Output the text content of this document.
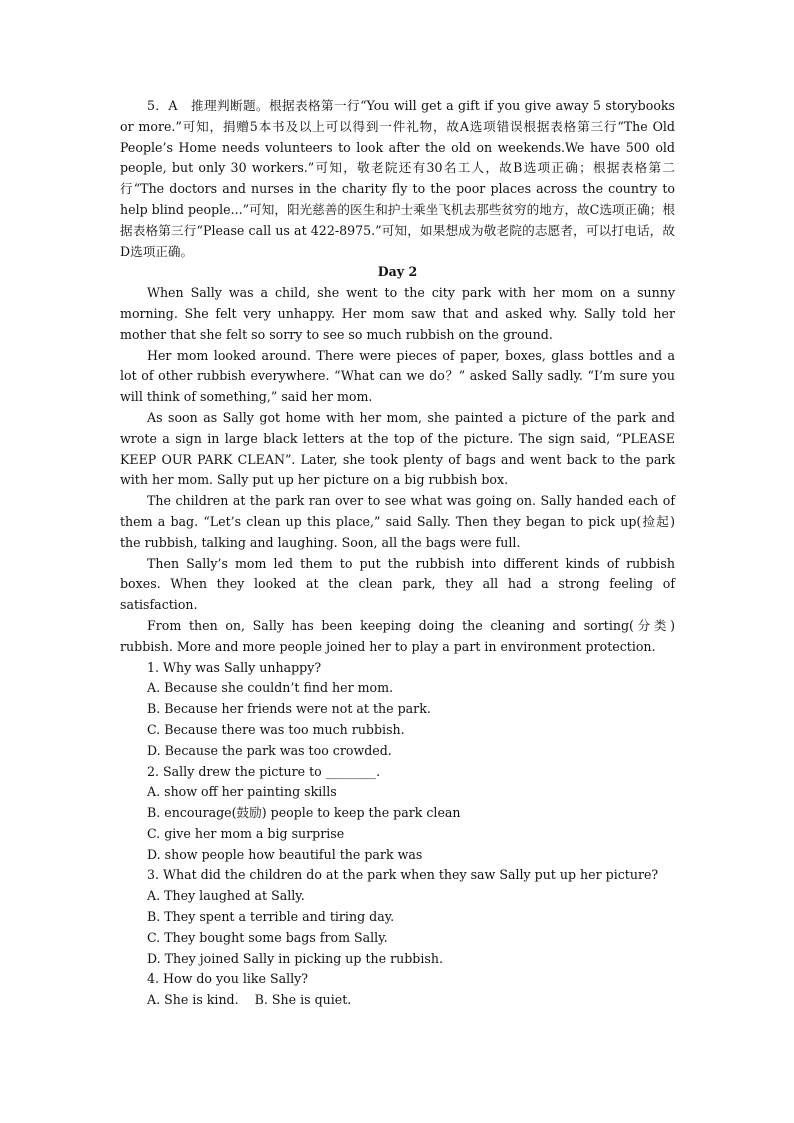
5．A　推理判断题。根据表格第一行“You will get a gift if you give away 5 storybooks or more.”可知，捐赠5本书及以上可以得到一件礼物，故A选项错误根据表格第三行“The Old People’s Home needs volunteers to look after the old on weekends.We have 500 old people, but only 30 workers.”可知，敬老院还有30名工人，故B选项正确；根据表格第二行“The doctors and nurses in the charity fly to the poor places across the country to help blind people...”可知，阳光慈善的医生和护士乘坐飞机去那些贫穷的地方，故C选项正确；根据表格第三行“Please call us at 422-8975.”可知，如果想成为敬老院的志愿者，可以打电话，故D选项正确。

Day 2

When Sally was a child, she went to the city park with her mom on a sunny morning. She felt very unhappy. Her mom saw that and asked why. Sally told her mother that she felt so sorry to see so much rubbish on the ground.

Her mom looked around. There were pieces of paper, boxes, glass bottles and a lot of other rubbish everywhere. “What can we do？” asked Sally sadly. “I’m sure you will think of something,” said her mom.

As soon as Sally got home with her mom, she painted a picture of the park and wrote a sign in large black letters at the top of the picture. The sign said, “PLEASE KEEP OUR PARK CLEAN”. Later, she took plenty of bags and went back to the park with her mom. Sally put up her picture on a big rubbish box.

The children at the park ran over to see what was going on. Sally handed each of them a bag. “Let’s clean up this place,” said Sally. Then they began to pick up(捡起) the rubbish, talking and laughing. Soon, all the bags were full.

Then Sally’s mom led them to put the rubbish into different kinds of rubbish boxes. When they looked at the clean park, they all had a strong feeling of satisfaction.

From then on, Sally has been keeping doing the cleaning and sorting(分类) rubbish. More and more people joined her to play a part in environment protection.

1. Why was Sally unhappy?

A. Because she couldn’t find her mom.

B. Because her friends were not at the park.

C. Because there was too much rubbish.

D. Because the park was too crowded.

2. Sally drew the picture to ________.

A. show off her painting skills

B. encourage(鼓励) people to keep the park clean

C. give her mom a big surprise

D. show people how beautiful the park was

3. What did the children do at the park when they saw Sally put up her picture?

A. They laughed at Sally.

B. They spent a terrible and tiring day.

C. They bought some bags from Sally.

D. They joined Sally in picking up the rubbish.

4. How do you like Sally?

A. She is kind.    B. She is quiet.
